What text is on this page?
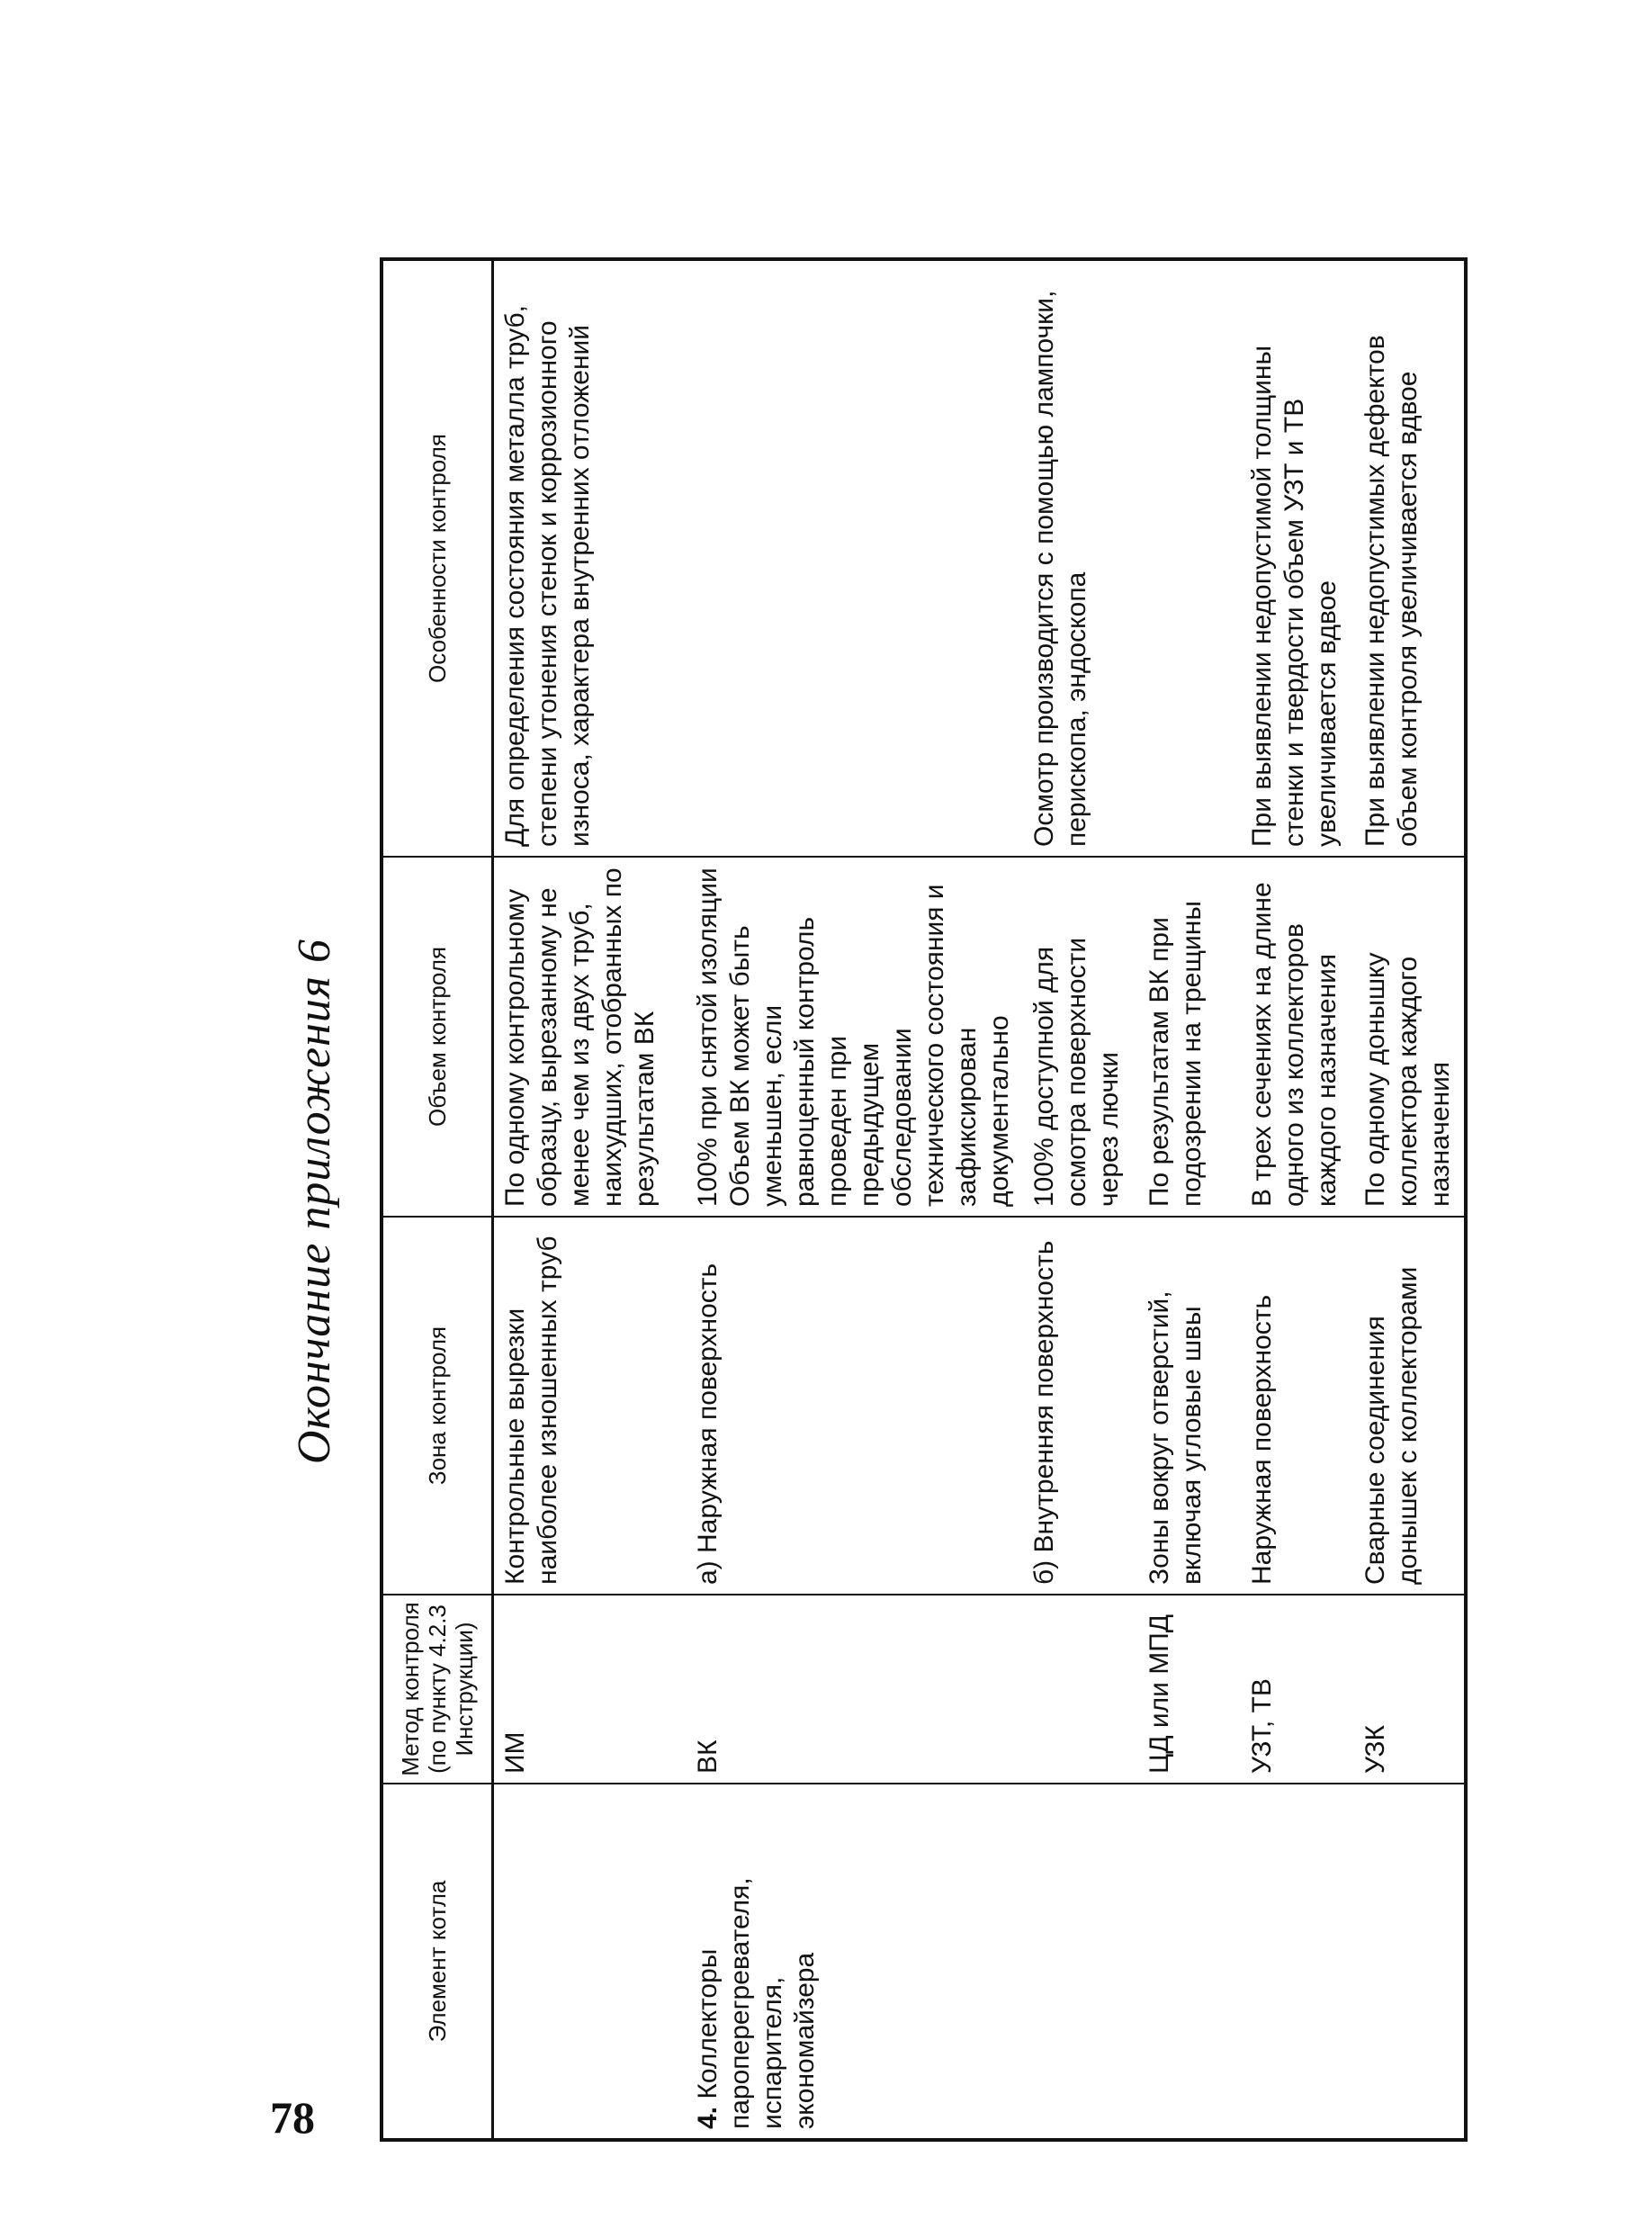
78
Окончание приложения 6
Элемент котла	Метод контроля (по пункту 4.2.3 Инструкции)	Зона контроля	Объем контроля	Особенности контроля
	ИМ	Контрольные вырезки наиболее изношенных труб	По одному контрольному образцу, вырезанному не менее чем из двух труб, наихудших, отобранных по результатам ВК	Для определения состояния металла труб, степени утонения стенок и коррозионного износа, характера внутренних отложений
4. Коллекторы пароперегревателя, испарителя, экономайзера	ВК	а) Наружная поверхность	100% при снятой изоляции Объем ВК может быть уменьшен, если равноценный контроль проведен при предыдущем обследовании технического состояния и зафиксирован документально	
		б) Внутренняя поверхность	100% доступной для осмотра поверхности через лючки	Осмотр производится с помощью лампочки, перископа, эндоскопа
	ЦД или МПД	Зоны вокруг отверстий, включая угловые швы	По результатам ВК при подозрении на трещины	
	УЗТ, ТВ	Наружная поверхность	В трех сечениях на длине одного из коллекторов каждого назначения	При выявлении недопустимой толщины стенки и твердости объем УЗТ и ТВ увеличивается вдвое
	УЗК	Сварные соединения донышек с коллекторами	По одному донышку коллектора каждого назначения	При выявлении недопустимых дефектов объем контроля увеличивается вдвое
